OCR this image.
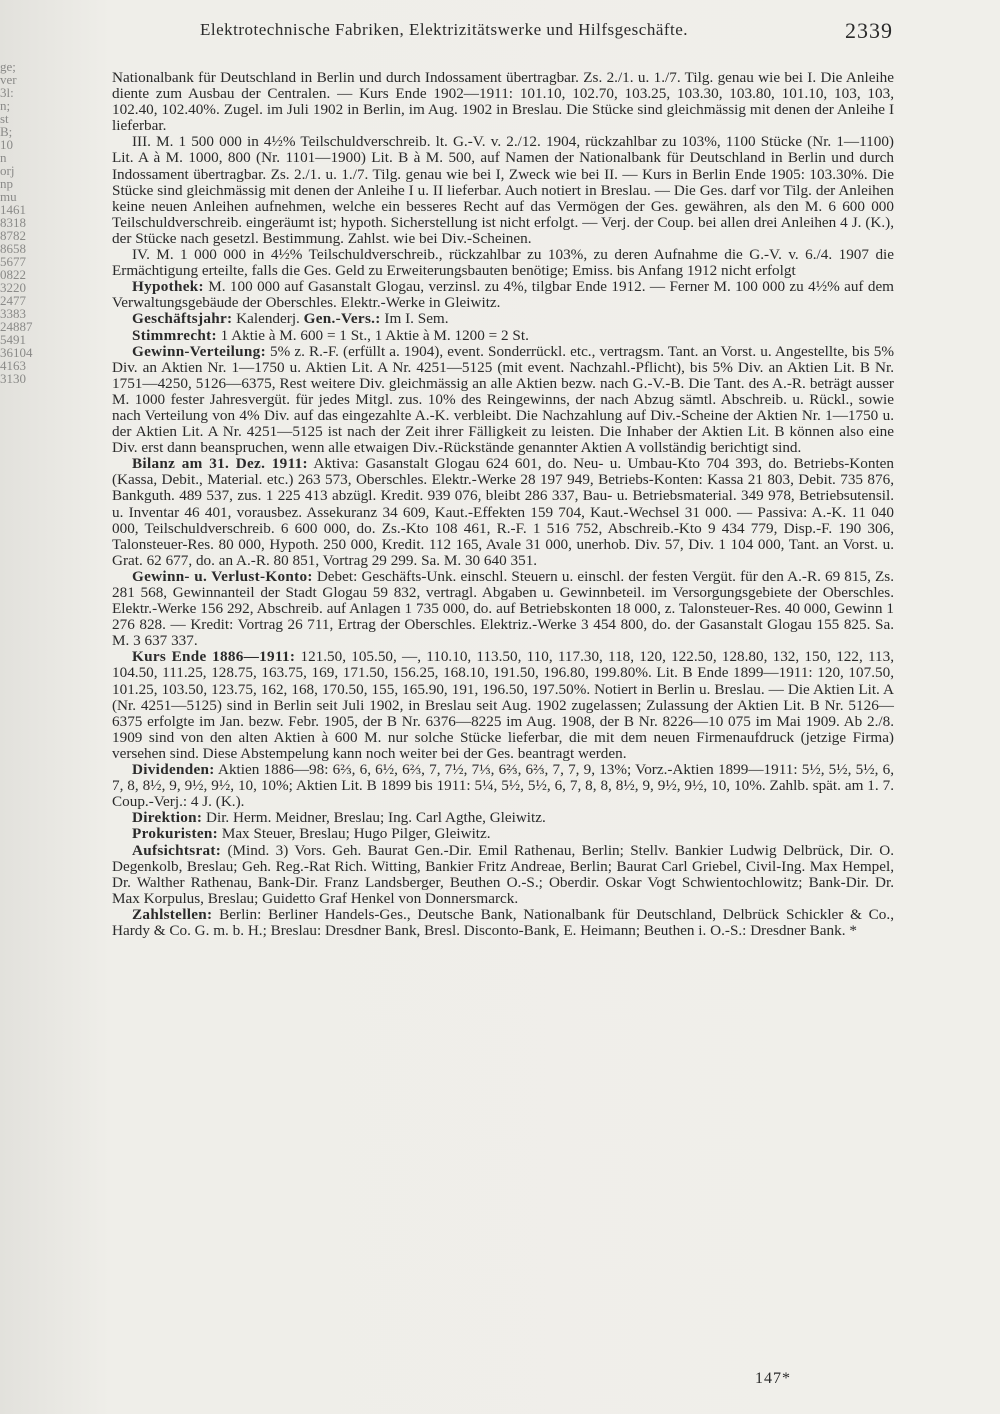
ge;
ver
3l:
n;
st
B;
10
n
orj
np
mu
1461
8318
8782
8658
5677
0822
3220
2477
3383
24887
5491
36104
4163
3130
Elektrotechnische Fabriken, Elektrizitätswerke und Hilfsgeschäfte.	2339

Nationalbank für Deutschland in Berlin und durch Indossament übertragbar. Zs. 2./1. u. 1./7. Tilg. genau wie bei I. Die Anleihe diente zum Ausbau der Centralen. — Kurs Ende 1902—1911: 101.10, 102.70, 103.25, 103.30, 103.80, 101.10, 103, 103, 102.40, 102.40%. Zugel. im Juli 1902 in Berlin, im Aug. 1902 in Breslau. Die Stücke sind gleichmässig mit denen der Anleihe I lieferbar.

III. M. 1 500 000 in 4½% Teilschuldverschreib. lt. G.-V. v. 2./12. 1904, rückzahlbar zu 103%, 1100 Stücke (Nr. 1—1100) Lit. A à M. 1000, 800 (Nr. 1101—1900) Lit. B à M. 500, auf Namen der Nationalbank für Deutschland in Berlin und durch Indossament übertragbar. Zs. 2./1. u. 1./7. Tilg. genau wie bei I, Zweck wie bei II. — Kurs in Berlin Ende 1905: 103.30%. Die Stücke sind gleichmässig mit denen der Anleihe I u. II lieferbar. Auch notiert in Breslau. — Die Ges. darf vor Tilg. der Anleihen keine neuen Anleihen aufnehmen, welche ein besseres Recht auf das Vermögen der Ges. gewähren, als den M. 6 600 000 Teilschuldverschreib. eingeräumt ist; hypoth. Sicherstellung ist nicht erfolgt. — Verj. der Coup. bei allen drei Anleihen 4 J. (K.), der Stücke nach gesetzl. Bestimmung. Zahlst. wie bei Div.-Scheinen.

IV. M. 1 000 000 in 4½% Teilschuldverschreib., rückzahlbar zu 103%, zu deren Aufnahme die G.-V. v. 6./4. 1907 die Ermächtigung erteilte, falls die Ges. Geld zu Erweiterungsbauten benötige; Emiss. bis Anfang 1912 nicht erfolgt

Hypothek: M. 100 000 auf Gasanstalt Glogau, verzinsl. zu 4%, tilgbar Ende 1912. — Ferner M. 100 000 zu 4½% auf dem Verwaltungsgebäude der Oberschles. Elektr.-Werke in Gleiwitz.

Geschäftsjahr: Kalenderj. Gen.-Vers.: Im I. Sem.

Stimmrecht: 1 Aktie à M. 600 = 1 St., 1 Aktie à M. 1200 = 2 St.

Gewinn-Verteilung: 5% z. R.-F. (erfüllt a. 1904), event. Sonderrückl. etc., vertragsm. Tant. an Vorst. u. Angestellte, bis 5% Div. an Aktien Nr. 1—1750 u. Aktien Lit. A Nr. 4251—5125 (mit event. Nachzahl.-Pflicht), bis 5% Div. an Aktien Lit. B Nr. 1751—4250, 5126—6375, Rest weitere Div. gleichmässig an alle Aktien bezw. nach G.-V.-B. Die Tant. des A.-R. beträgt ausser M. 1000 fester Jahresvergüt. für jedes Mitgl. zus. 10% des Reingewinns, der nach Abzug sämtl. Abschreib. u. Rückl., sowie nach Verteilung von 4% Div. auf das eingezahlte A.-K. verbleibt. Die Nachzahlung auf Div.-Scheine der Aktien Nr. 1—1750 u. der Aktien Lit. A Nr. 4251—5125 ist nach der Zeit ihrer Fälligkeit zu leisten. Die Inhaber der Aktien Lit. B können also eine Div. erst dann beanspruchen, wenn alle etwaigen Div.-Rückstände genannter Aktien A vollständig berichtigt sind.

Bilanz am 31. Dez. 1911: Aktiva: Gasanstalt Glogau 624 601, do. Neu- u. Umbau-Kto 704 393, do. Betriebs-Konten (Kassa, Debit., Material. etc.) 263 573, Oberschles. Elektr.-Werke 28 197 949, Betriebs-Konten: Kassa 21 803, Debit. 735 876, Bankguth. 489 537, zus. 1 225 413 abzügl. Kredit. 939 076, bleibt 286 337, Bau- u. Betriebsmaterial. 349 978, Betriebsutensil. u. Inventar 46 401, vorausbez. Assekuranz 34 609, Kaut.-Effekten 159 704, Kaut.-Wechsel 31 000. — Passiva: A.-K. 11 040 000, Teilschuldverschreib. 6 600 000, do. Zs.-Kto 108 461, R.-F. 1 516 752, Abschreib.-Kto 9 434 779, Disp.-F. 190 306, Talonsteuer-Res. 80 000, Hypoth. 250 000, Kredit. 112 165, Avale 31 000, unerhob. Div. 57, Div. 1 104 000, Tant. an Vorst. u. Grat. 62 677, do. an A.-R. 80 851, Vortrag 29 299. Sa. M. 30 640 351.

Gewinn- u. Verlust-Konto: Debet: Geschäfts-Unk. einschl. Steuern u. einschl. der festen Vergüt. für den A.-R. 69 815, Zs. 281 568, Gewinnanteil der Stadt Glogau 59 832, vertragl. Abgaben u. Gewinnbeteil. im Versorgungsgebiete der Oberschles. Elektr.-Werke 156 292, Abschreib. auf Anlagen 1 735 000, do. auf Betriebskonten 18 000, z. Talonsteuer-Res. 40 000, Gewinn 1 276 828. — Kredit: Vortrag 26 711, Ertrag der Oberschles. Elektriz.-Werke 3 454 800, do. der Gasanstalt Glogau 155 825. Sa. M. 3 637 337.

Kurs Ende 1886—1911: 121.50, 105.50, —, 110.10, 113.50, 110, 117.30, 118, 120, 122.50, 128.80, 132, 150, 122, 113, 104.50, 111.25, 128.75, 163.75, 169, 171.50, 156.25, 168.10, 191.50, 196.80, 199.80%. Lit. B Ende 1899—1911: 120, 107.50, 101.25, 103.50, 123.75, 162, 168, 170.50, 155, 165.90, 191, 196.50, 197.50%. Notiert in Berlin u. Breslau. — Die Aktien Lit. A (Nr. 4251—5125) sind in Berlin seit Juli 1902, in Breslau seit Aug. 1902 zugelassen; Zulassung der Aktien Lit. B Nr. 5126—6375 erfolgte im Jan. bezw. Febr. 1905, der B Nr. 6376—8225 im Aug. 1908, der B Nr. 8226—10 075 im Mai 1909. Ab 2./8. 1909 sind von den alten Aktien à 600 M. nur solche Stücke lieferbar, die mit dem neuen Firmenaufdruck (jetzige Firma) versehen sind. Diese Abstempelung kann noch weiter bei der Ges. beantragt werden.

Dividenden: Aktien 1886—98: 6⅔, 6, 6½, 6⅔, 7, 7½, 7⅓, 6⅔, 6⅔, 7, 7, 9, 13%; Vorz.-Aktien 1899—1911: 5½, 5½, 5½, 6, 7, 8, 8½, 9, 9½, 9½, 10, 10%; Aktien Lit. B 1899 bis 1911: 5¼, 5½, 5½, 6, 7, 8, 8, 8½, 9, 9½, 9½, 10, 10%. Zahlb. spät. am 1. 7. Coup.-Verj.: 4 J. (K.).

Direktion: Dir. Herm. Meidner, Breslau; Ing. Carl Agthe, Gleiwitz.

Prokuristen: Max Steuer, Breslau; Hugo Pilger, Gleiwitz.

Aufsichtsrat: (Mind. 3) Vors. Geh. Baurat Gen.-Dir. Emil Rathenau, Berlin; Stellv. Bankier Ludwig Delbrück, Dir. O. Degenkolb, Breslau; Geh. Reg.-Rat Rich. Witting, Bankier Fritz Andreae, Berlin; Baurat Carl Griebel, Civil-Ing. Max Hempel, Dr. Walther Rathenau, Bank-Dir. Franz Landsberger, Beuthen O.-S.; Oberdir. Oskar Vogt Schwientochlowitz; Bank-Dir. Dr. Max Korpulus, Breslau; Guidetto Graf Henkel von Donnersmarck.

Zahlstellen: Berlin: Berliner Handels-Ges., Deutsche Bank, Nationalbank für Deutschland, Delbrück Schickler & Co., Hardy & Co. G. m. b. H.; Breslau: Dresdner Bank, Bresl. Disconto-Bank, E. Heimann; Beuthen i. O.-S.: Dresdner Bank. *

147*
